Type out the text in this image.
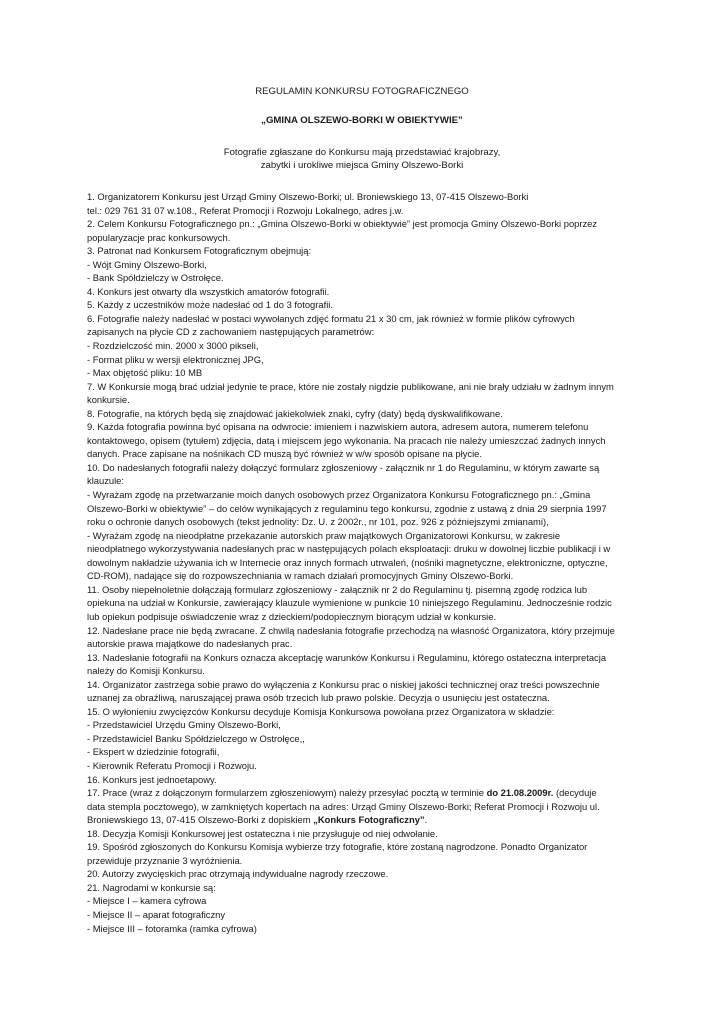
REGULAMIN KONKURSU FOTOGRAFICZNEGO
„GMINA OLSZEWO-BORKI W OBIEKTYWIE”
Fotografie zgłaszane do Konkursu mają przedstawiać krajobrazy,
zabytki i urokliwe miejsca Gminy Olszewo-Borki
1. Organizatorem Konkursu jest Urząd Gminy Olszewo-Borki; ul. Broniewskiego 13, 07-415 Olszewo-Borki
tel.: 029 761 31 07 w.108., Referat Promocji i Rozwoju Lokalnego, adres j.w.
2. Celem Konkursu Fotograficznego pn.: „Gmina Olszewo-Borki w obiektywie” jest promocja Gminy Olszewo-Borki poprzez
popularyzacje prac konkursowych.
3. Patronat nad Konkursem Fotograficznym obejmują:
- Wójt Gminy Olszewo-Borki,
- Bank Spółdzielczy w Ostrołęce.
4. Konkurs jest otwarty dla wszystkich amatorów fotografii.
5. Każdy z uczestników może nadesłać od 1 do 3 fotografii.
6. Fotografie należy nadesłać w postaci wywołanych zdjęć formatu 21 x 30 cm, jak również w formie plików cyfrowych
zapisanych na płycie CD z zachowaniem następujących parametrów:
- Rozdzielczość min. 2000 x 3000 pikseli,
- Format pliku w wersji elektronicznej JPG,
- Max objętość pliku: 10 MB
7. W Konkursie mogą brać udział jedynie te prace, które nie zostały nigdzie publikowane, ani nie brały udziału w żadnym innym
konkursie.
8. Fotografie, na których będą się znajdować jakiekolwiek znaki, cyfry (daty) będą dyskwalifikowane.
9. Każda fotografia powinna być opisana na odwrocie: imieniem i nazwiskiem autora, adresem autora, numerem telefonu
kontaktowego, opisem (tytułem) zdjęcia, datą i miejscem jego wykonania. Na pracach nie należy umieszczać żadnych innych
danych. Prace zapisane na nośnikach CD muszą być również w w/w sposób opisane na płycie.
10. Do nadesłanych fotografii należy dołączyć formularz zgłoszeniowy - załącznik nr 1 do Regulaminu, w którym zawarte są
klauzule:
- Wyrażam zgodę na przetwarzanie moich danych osobowych przez Organizatora Konkursu Fotograficznego pn.: „Gmina
Olszewo-Borki w obiektywie” – do celów wynikających z regulaminu tego konkursu, zgodnie z ustawą z dnia 29 sierpnia 1997
roku o ochronie danych osobowych (tekst jednolity: Dz. U. z 2002r., nr 101, poz. 926 z późniejszymi zmianami),
- Wyrażam zgodę na nieodpłatne przekazanie autorskich praw majątkowych Organizatorowi Konkursu, w zakresie
nieodpłatnego wykorzystywania nadesłanych prac w następujących polach eksploatacji: druku w dowolnej liczbie publikacji i w
dowolnym nakładzie używania ich w Internecie oraz innych formach utrwaleń, (nośniki magnetyczne, elektroniczne, optyczne,
CD-ROM), nadające się do rozpowszechniania w ramach działań promocyjnych Gminy Olszewo-Borki.
11. Osoby niepełnoletnie dołączają formularz zgłoszeniowy - załącznik nr 2 do Regulaminu tj. pisemną zgodę rodzica lub
opiekuna na udział w Konkursie, zawierający klauzule wymienione w punkcie 10 niniejszego Regulaminu. Jednocześnie rodzic
lub opiekun podpisuje oświadczenie wraz z dzieckiem/podopiecznym biorącym udział w konkursie.
12. Nadesłane prace nie będą zwracane. Z chwilą nadesłania fotografie przechodzą na własność Organizatora, który przejmuje
autorskie prawa majątkowe do nadesłanych prac.
13. Nadesłanie fotografii na Konkurs oznacza akceptację warunków Konkursu i Regulaminu, którego ostateczna interpretacja
należy do Komisji Konkursu.
14. Organizator zastrzega sobie prawo do wyłączenia z Konkursu prac o niskiej jakości technicznej oraz treści powszechnie
uznanej za obraźliwą, naruszającej prawa osób trzecich lub prawo polskie. Decyzja o usunięciu jest ostateczna.
15. O wyłonieniu zwycięzców Konkursu decyduje Komisja Konkursowa powołana przez Organizatora w składzie:
- Przedstawiciel Urzędu Gminy Olszewo-Borki,
- Przedstawiciel Banku Spółdzielczego w Ostrołęce,,
- Ekspert w dziedzinie fotografii,
- Kierownik Referatu Promocji i Rozwoju.
16. Konkurs jest jednoetapowy.
17. Prace (wraz z dołączonym formularzem zgłoszeniowym) należy przesyłać pocztą w terminie do 21.08.2009r. (decyduje
data stempla pocztowego), w zamkniętych kopertach na adres: Urząd Gminy Olszewo-Borki; Referat Promocji i Rozwoju ul.
Broniewskiego 13, 07-415 Olszewo-Borki z dopiskiem „Konkurs Fotograficzny”.
18. Decyzja Komisji Konkursowej jest ostateczna i nie przysługuje od niej odwołanie.
19. Spośród zgłoszonych do Konkursu Komisja wybierze trzy fotografie, które zostaną nagrodzone. Ponadto Organizator
przewiduje przyznanie 3 wyróżnienia.
20. Autorzy zwycięskich prac otrzymają indywidualne nagrody rzeczowe.
21. Nagrodami w konkursie są:
- Miejsce I – kamera cyfrowa
- Miejsce II – aparat fotograficzny
- Miejsce III – fotoramka (ramka cyfrowa)
